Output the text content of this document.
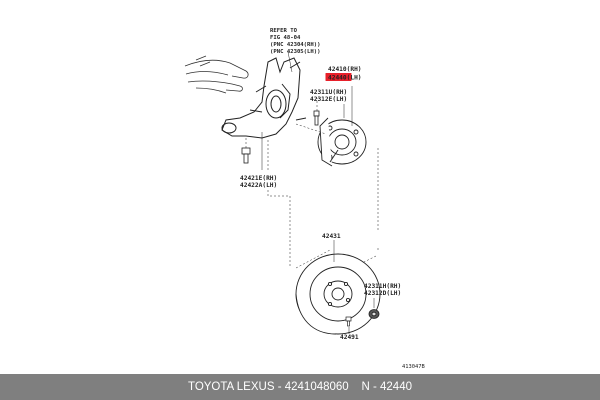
REFER TO
FIG 48-04
(PNC 42304(RH))
(PNC 42305(LH))
42410(RH)
42440(LH)
42311U(RH)
42312E(LH)
42421E(RH)
42422A(LH)
42431
42311H(RH)
42312D(LH)
42491
413047B
TOYOTA LEXUS - 4241048060
N - 42440
